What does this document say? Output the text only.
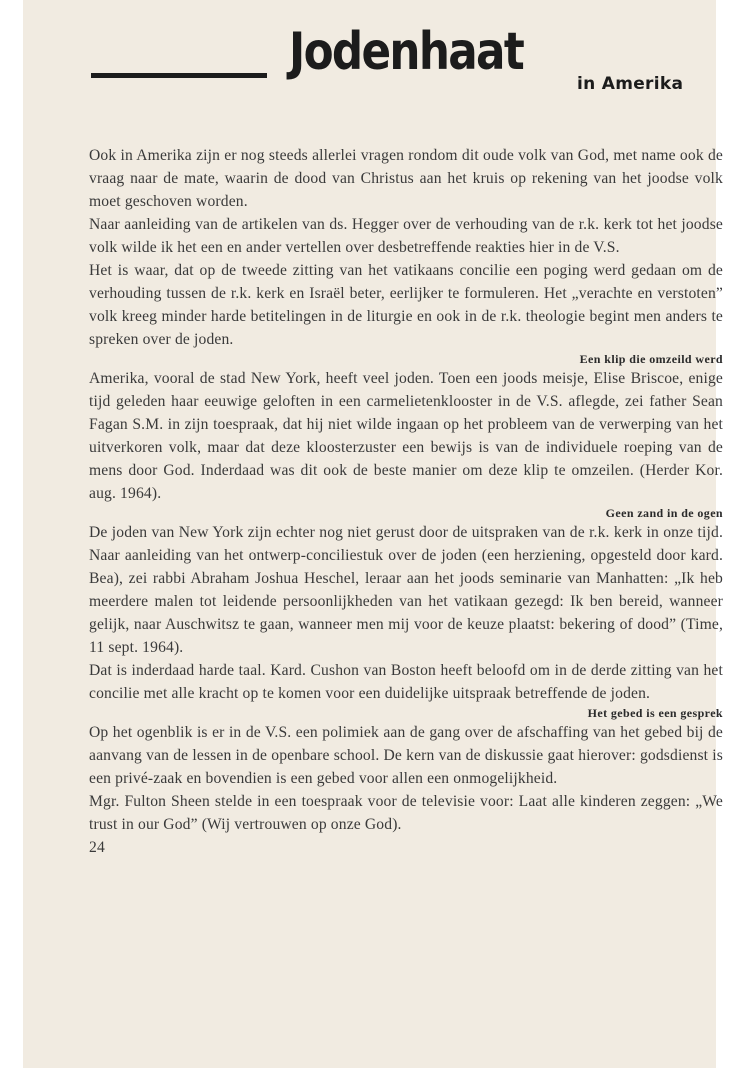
Jodenhaat
in Amerika

Ook in Amerika zijn er nog steeds allerlei vragen rondom dit oude volk van God, met name ook de vraag naar de mate, waarin de dood van Christus aan het kruis op rekening van het joodse volk moet geschoven worden.

Naar aanleiding van de artikelen van ds. Hegger over de verhouding van de r.k. kerk tot het joodse volk wilde ik het een en ander vertellen over desbetreffende reakties hier in de V.S.

Het is waar, dat op de tweede zitting van het vatikaans concilie een poging werd gedaan om de verhouding tussen de r.k. kerk en Israël beter, eerlijker te formuleren. Het „verachte en verstoten” volk kreeg minder harde betitelingen in de liturgie en ook in de r.k. theologie begint men anders te spreken over de joden.

Een klip die omzeild werd

Amerika, vooral de stad New York, heeft veel joden. Toen een joods meisje, Elise Briscoe, enige tijd geleden haar eeuwige geloften in een carmelietenklooster in de V.S. aflegde, zei father Sean Fagan S.M. in zijn toespraak, dat hij niet wilde ingaan op het probleem van de verwerping van het uitverkoren volk, maar dat deze kloosterzuster een bewijs is van de individuele roeping van de mens door God. Inderdaad was dit ook de beste manier om deze klip te omzeilen. (Herder Kor. aug. 1964).

Geen zand in de ogen

De joden van New York zijn echter nog niet gerust door de uitspraken van de r.k. kerk in onze tijd. Naar aanleiding van het ontwerp-conciliestuk over de joden (een herziening, opgesteld door kard. Bea), zei rabbi Abraham Joshua Heschel, leraar aan het joods seminarie van Manhatten: „Ik heb meerdere malen tot leidende persoonlijkheden van het vatikaan gezegd: Ik ben bereid, wanneer gelijk, naar Auschwitsz te gaan, wanneer men mij voor de keuze plaatst: bekering of dood” (Time, 11 sept. 1964).

Dat is inderdaad harde taal. Kard. Cushon van Boston heeft beloofd om in de derde zitting van het concilie met alle kracht op te komen voor een duidelijke uitspraak betreffende de joden.

Het gebed is een gesprek

Op het ogenblik is er in de V.S. een polimiek aan de gang over de afschaffing van het gebed bij de aanvang van de lessen in de openbare school. De kern van de diskussie gaat hierover: godsdienst is een privé-zaak en bovendien is een gebed voor allen een onmogelijkheid.

Mgr. Fulton Sheen stelde in een toespraak voor de televisie voor: Laat alle kinderen zeggen: „We trust in our God” (Wij vertrouwen op onze God).

24
